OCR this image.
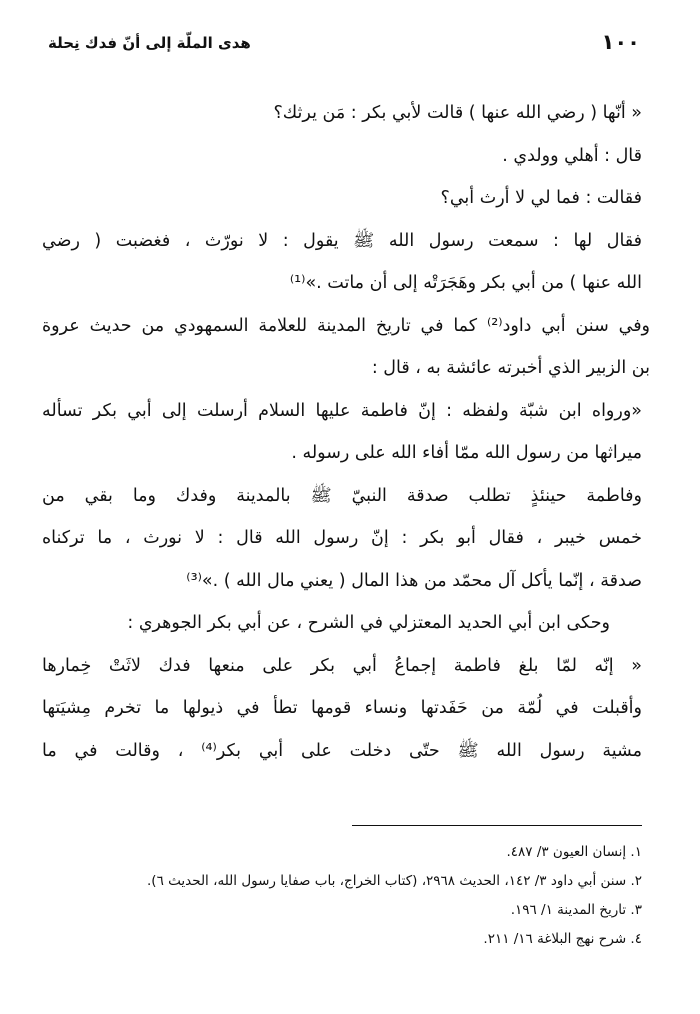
١٠٠
هدى الملّة إلى أنّ فدك نِحلة
« أنّها ( رضي الله عنها ) قالت لأبي بكر : مَن يرثك؟
قال : أهلي وولدي .
فقالت : فما لي لا أرث أبي؟
فقال لها : سمعت رسول الله ﷺ يقول : لا نورّث ، فغضبت ( رضي
الله عنها ) من أبي بكر وهَجَرَتْه إلى أن ماتت .»⁽¹⁾
وفي سنن أبي داود⁽²⁾ كما في تاريخ المدينة للعلامة السمهودي من حديث عروة
بن الزبير الذي أخبرته عائشة به ، قال :
«ورواه ابن شبّة ولفظه : إنّ فاطمة عليها السلام أرسلت إلى أبي بكر تسأله
ميراثها من رسول الله ممّا أفاء الله على رسوله .
وفاطمة حينئذٍ تطلب صدقة النبيّ ﷺ بالمدينة وفدك وما بقي من
خمس خيبر ، فقال أبو بكر : إنّ رسول الله قال : لا نورث ، ما تركناه
صدقة ، إنّما يأكل آل محمّد من هذا المال ( يعني مال الله ) .»⁽³⁾
وحكى ابن أبي الحديد المعتزلي في الشرح ، عن أبي بكر الجوهري :
« إنّه لمّا بلغ فاطمة إجماعُ أبي بكر على منعها فدك لاثَتْ خِمارها
وأقبلت في لُمّة من حَفَدتها ونساء قومها تطأ في ذيولها ما تخرم مِشيَتها
مشية رسول الله ﷺ حتّى دخلت على أبي بكر⁽⁴⁾ ، وقالت في ما
١. إنسان العيون ٣/ ٤٨٧.
٢. سنن أبي داود ٣/ ١٤٢، الحديث ٢٩٦٨، (كتاب الخراج، باب صفايا رسول الله، الحديث ٦).
٣. تاريخ المدينة ١/ ١٩٦.
٤. شرح نهج البلاغة ١٦/ ٢١١.
